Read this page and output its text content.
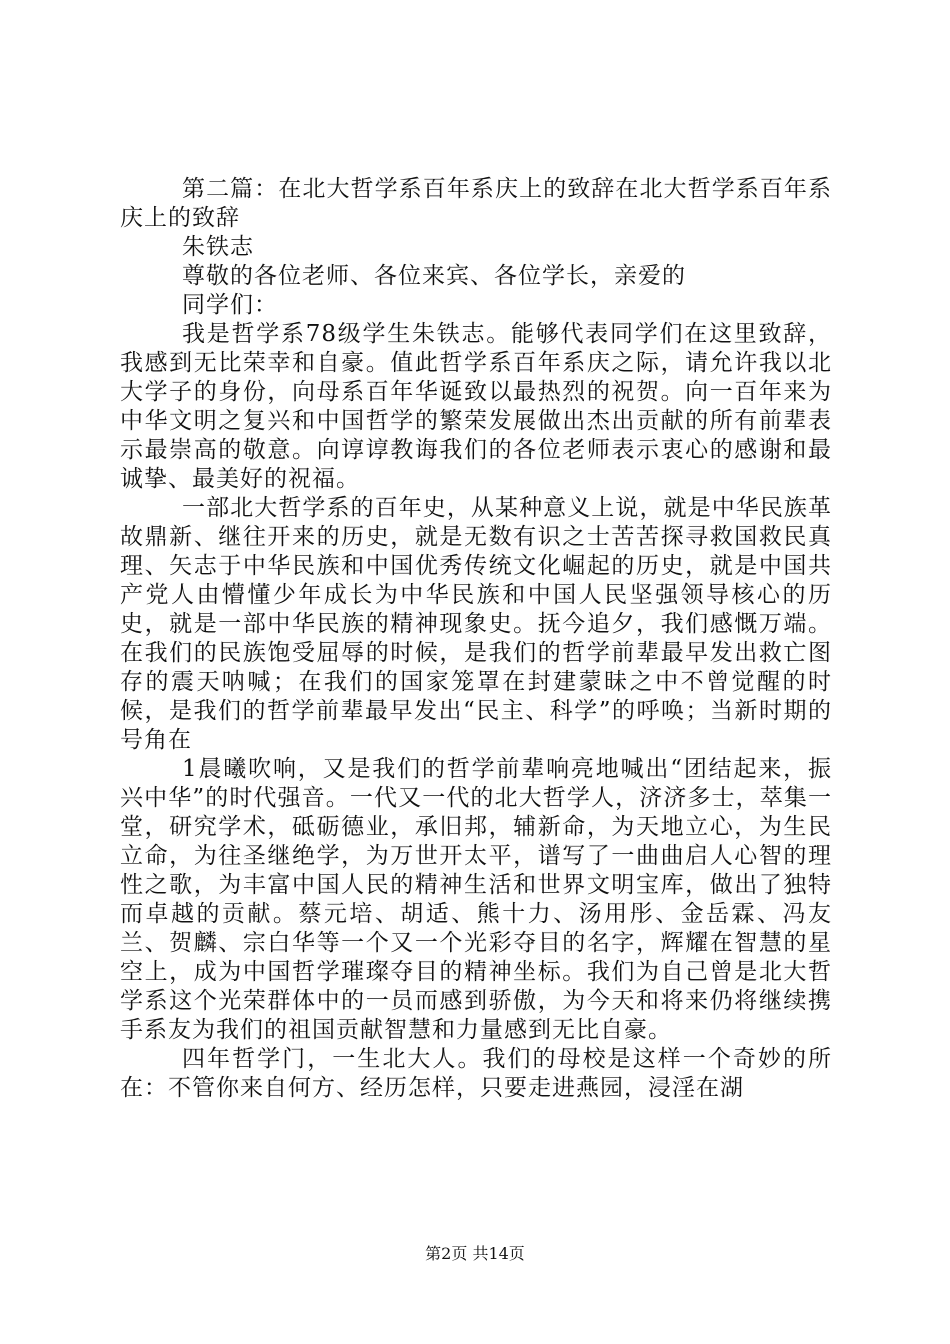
第二篇：在北大哲学系百年系庆上的致辞在北大哲学系百年系庆上的致辞

朱铁志

尊敬的各位老师、各位来宾、各位学长，亲爱的

同学们：

我是哲学系78级学生朱铁志。能够代表同学们在这里致辞，我感到无比荣幸和自豪。值此哲学系百年系庆之际，请允许我以北大学子的身份，向母系百年华诞致以最热烈的祝贺。向一百年来为中华文明之复兴和中国哲学的繁荣发展做出杰出贡献的所有前辈表示最崇高的敬意。向谆谆教诲我们的各位老师表示衷心的感谢和最诚挚、最美好的祝福。

一部北大哲学系的百年史，从某种意义上说，就是中华民族革故鼎新、继往开来的历史，就是无数有识之士苦苦探寻救国救民真理、矢志于中华民族和中国优秀传统文化崛起的历史，就是中国共产党人由懵懂少年成长为中华民族和中国人民坚强领导核心的历史，就是一部中华民族的精神现象史。抚今追夕，我们感慨万端。在我们的民族饱受屈辱的时候，是我们的哲学前辈最早发出救亡图存的震天呐喊；在我们的国家笼罩在封建蒙昧之中不曾觉醒的时候，是我们的哲学前辈最早发出“民主、科学”的呼唤；当新时期的号角在

1晨曦吹响，又是我们的哲学前辈响亮地喊出“团结起来，振兴中华”的时代强音。一代又一代的北大哲学人，济济多士，萃集一堂，研究学术，砥砺德业，承旧邦，辅新命，为天地立心，为生民立命，为往圣继绝学，为万世开太平，谱写了一曲曲启人心智的理性之歌，为丰富中国人民的精神生活和世界文明宝库，做出了独特而卓越的贡献。蔡元培、胡适、熊十力、汤用彤、金岳霖、冯友兰、贺麟、宗白华等一个又一个光彩夺目的名字，辉耀在智慧的星空上，成为中国哲学璀璨夺目的精神坐标。我们为自己曾是北大哲学系这个光荣群体中的一员而感到骄傲，为今天和将来仍将继续携手系友为我们的祖国贡献智慧和力量感到无比自豪。

四年哲学门，一生北大人。我们的母校是这样一个奇妙的所在：不管你来自何方、经历怎样，只要走进燕园，浸淫在湖

第2页 共14页
